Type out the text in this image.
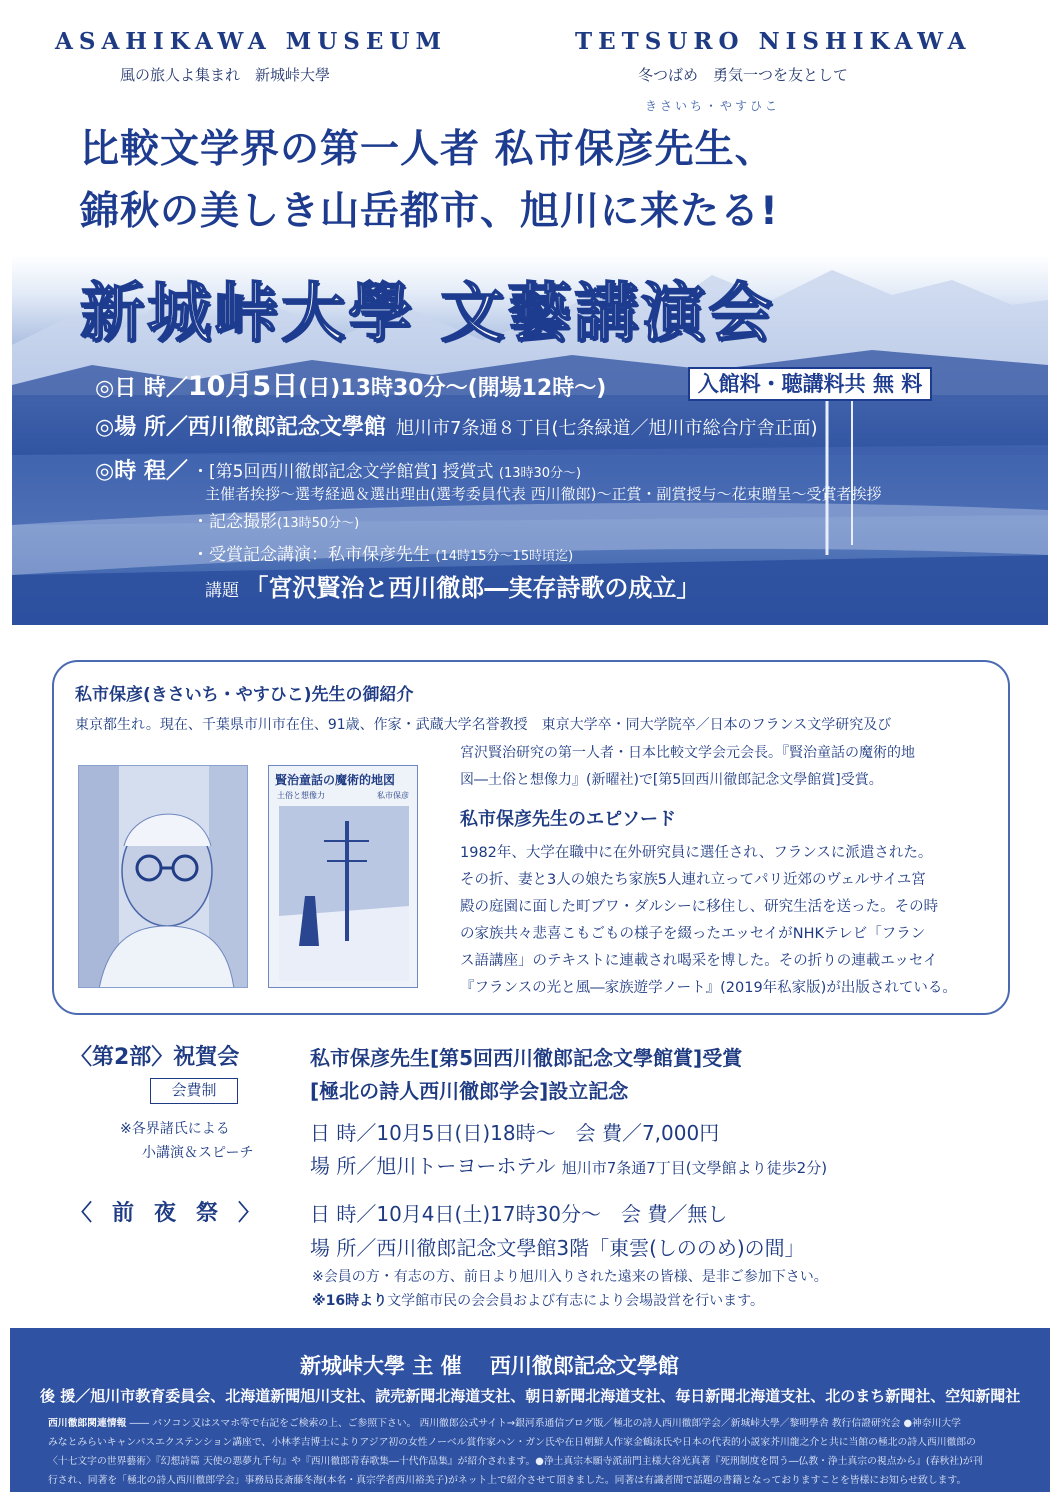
ASAHIKAWA MUSEUM	TETSURO NISHIKAWA
風の旅人よ集まれ　新城峠大學	冬つばめ　勇気一つを友として
きさいち・やすひこ
比較文学界の第一人者 私市保彦先生、
錦秋の美しき山岳都市、旭川に来たる!
新城峠大學 文藝講演会
◎日 時／10月5日(日)13時30分～(開場12時～)	入館料・聴講料共 無 料
◎場 所／西川徹郎記念文學館 旭川市7条通８丁目(七条緑道／旭川市総合庁舎正面)
◎時 程／ ・[第5回西川徹郎記念文学館賞] 授賞式 (13時30分～)
主催者挨拶～選考経過＆選出理由(選考委員代表 西川徹郎)～正賞・副賞授与～花束贈呈～受賞者挨拶
・記念撮影(13時50分～)
・受賞記念講演：私市保彦先生 (14時15分～15時頃迄)
講題 「宮沢賢治と西川徹郎―実存詩歌の成立」
私市保彦(きさいち・やすひこ)先生の御紹介
東京都生れ。現在、千葉県市川市在住、91歳、作家・武蔵大学名誉教授　東京大学卒・同大学院卒／日本のフランス文学研究及び
宮沢賢治研究の第一人者・日本比較文学会元会長。『賢治童話の魔術的地
図―土俗と想像力』(新曜社)で[第5回西川徹郎記念文學館賞]受賞。
賢治童話の魔術的地図
土俗と想像力	私市保彦
私市保彦先生のエピソード
1982年、大学在職中に在外研究員に選任され、フランスに派遣された。
その折、妻と3人の娘たち家族5人連れ立ってパリ近郊のヴェルサイユ宮
殿の庭園に面した町ブワ・ダルシーに移住し、研究生活を送った。その時
の家族共々悲喜こもごもの様子を綴ったエッセイがNHKテレビ「フラン
ス語講座」のテキストに連載され喝采を博した。その折りの連載エッセイ
『フランスの光と風―家族遊学ノート』(2019年私家版)が出版されている。
〈第2部〉祝賀会
会費制
※各界諸氏による
小講演＆スピーチ
私市保彦先生[第5回西川徹郎記念文學館賞]受賞
[極北の詩人西川徹郎学会]設立記念
日 時／10月5日(日)18時～　会 費／7,000円
場 所／旭川トーヨーホテル 旭川市7条通7丁目(文學館より徒歩2分)
〈前夜祭〉 日 時／10月4日(土)17時30分～　会 費／無し
場 所／西川徹郎記念文學館3階「東雲(しののめ)の間」
※会員の方・有志の方、前日より旭川入りされた遠来の皆様、是非ご参加下さい。
※16時より文学館市民の会会員および有志により会場設営を行います。
新城峠大學 主 催　 西川徹郎記念文學館
後 援／旭川市教育委員会、北海道新聞旭川支社、読売新聞北海道支社、朝日新聞北海道支社、毎日新聞北海道支社、北のまち新聞社、空知新聞社
西川徹郎関連情報 ―― パソコン又はスマホ等で右記をご検索の上、ご参照下さい。 西川徹郎公式サイト→銀河系通信ブログ版／極北の詩人西川徹郎学会／新城峠大學／黎明學舎 教行信證研究会 ●神奈川大学
みなとみらいキャンパスエクステンション講座で、小林孝吉博士によりアジア初の女性ノーベル賞作家ハン・ガン氏や在日朝鮮人作家金鶴泳氏や日本の代表的小説家芥川龍之介と共に当館の極北の詩人西川徹郎の
〈十七文字の世界藝術〉『幻想詩篇 天使の悪夢九千句』や『西川徹郎青春歌集―十代作品集』が紹介されます。●浄土真宗本願寺派前門主様大谷光真著『死刑制度を問う―仏教・浄土真宗の視点から』(春秋社)が刊
行され、同著を「極北の詩人西川徹郎学会」事務局長斎藤冬海(本名・真宗学者西川裕美子)がネット上で紹介させて頂きました。同著は有識者間で話題の書籍となっておりますことを皆様にお知らせ致します。
